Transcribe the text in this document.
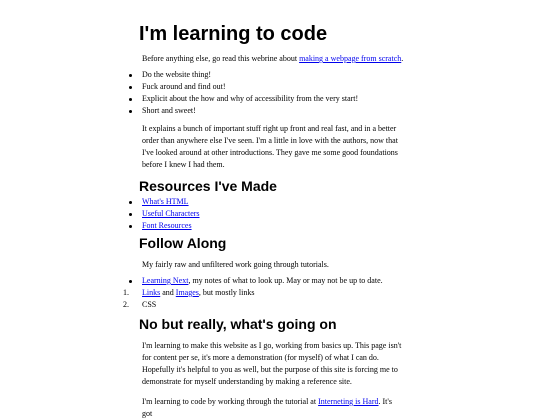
I'm learning to code

Before anything else, go read this webrine about making a webpage from scratch.

Do the website thing!
Fuck around and find out!
Explicit about the how and why of accessibility from the very start!
Short and sweet!

It explains a bunch of important stuff right up front and real fast, and in a better order than anywhere else I've seen. I'm a little in love with the authors, now that I've looked around at other introductions. They gave me some good foundations before I knew I had them.

Resources I've Made
What's HTML
Useful Characters
Font Resources
Follow Along

My fairly raw and unfiltered work going through tutorials.

Learning Next, my notes of what to look up. May or may not be up to date.
1. Links and Images, but mostly links
2. CSS
No but really, what's going on

I'm learning to make this website as I go, working from basics up. This page isn't for content per se, it's more a demonstration (for myself) of what I can do. Hopefully it's helpful to you as well, but the purpose of this site is forcing me to demonstrate for myself understanding by making a reference site.

I'm learning to code by working through the tutorial at Interneting is Hard. It's got
